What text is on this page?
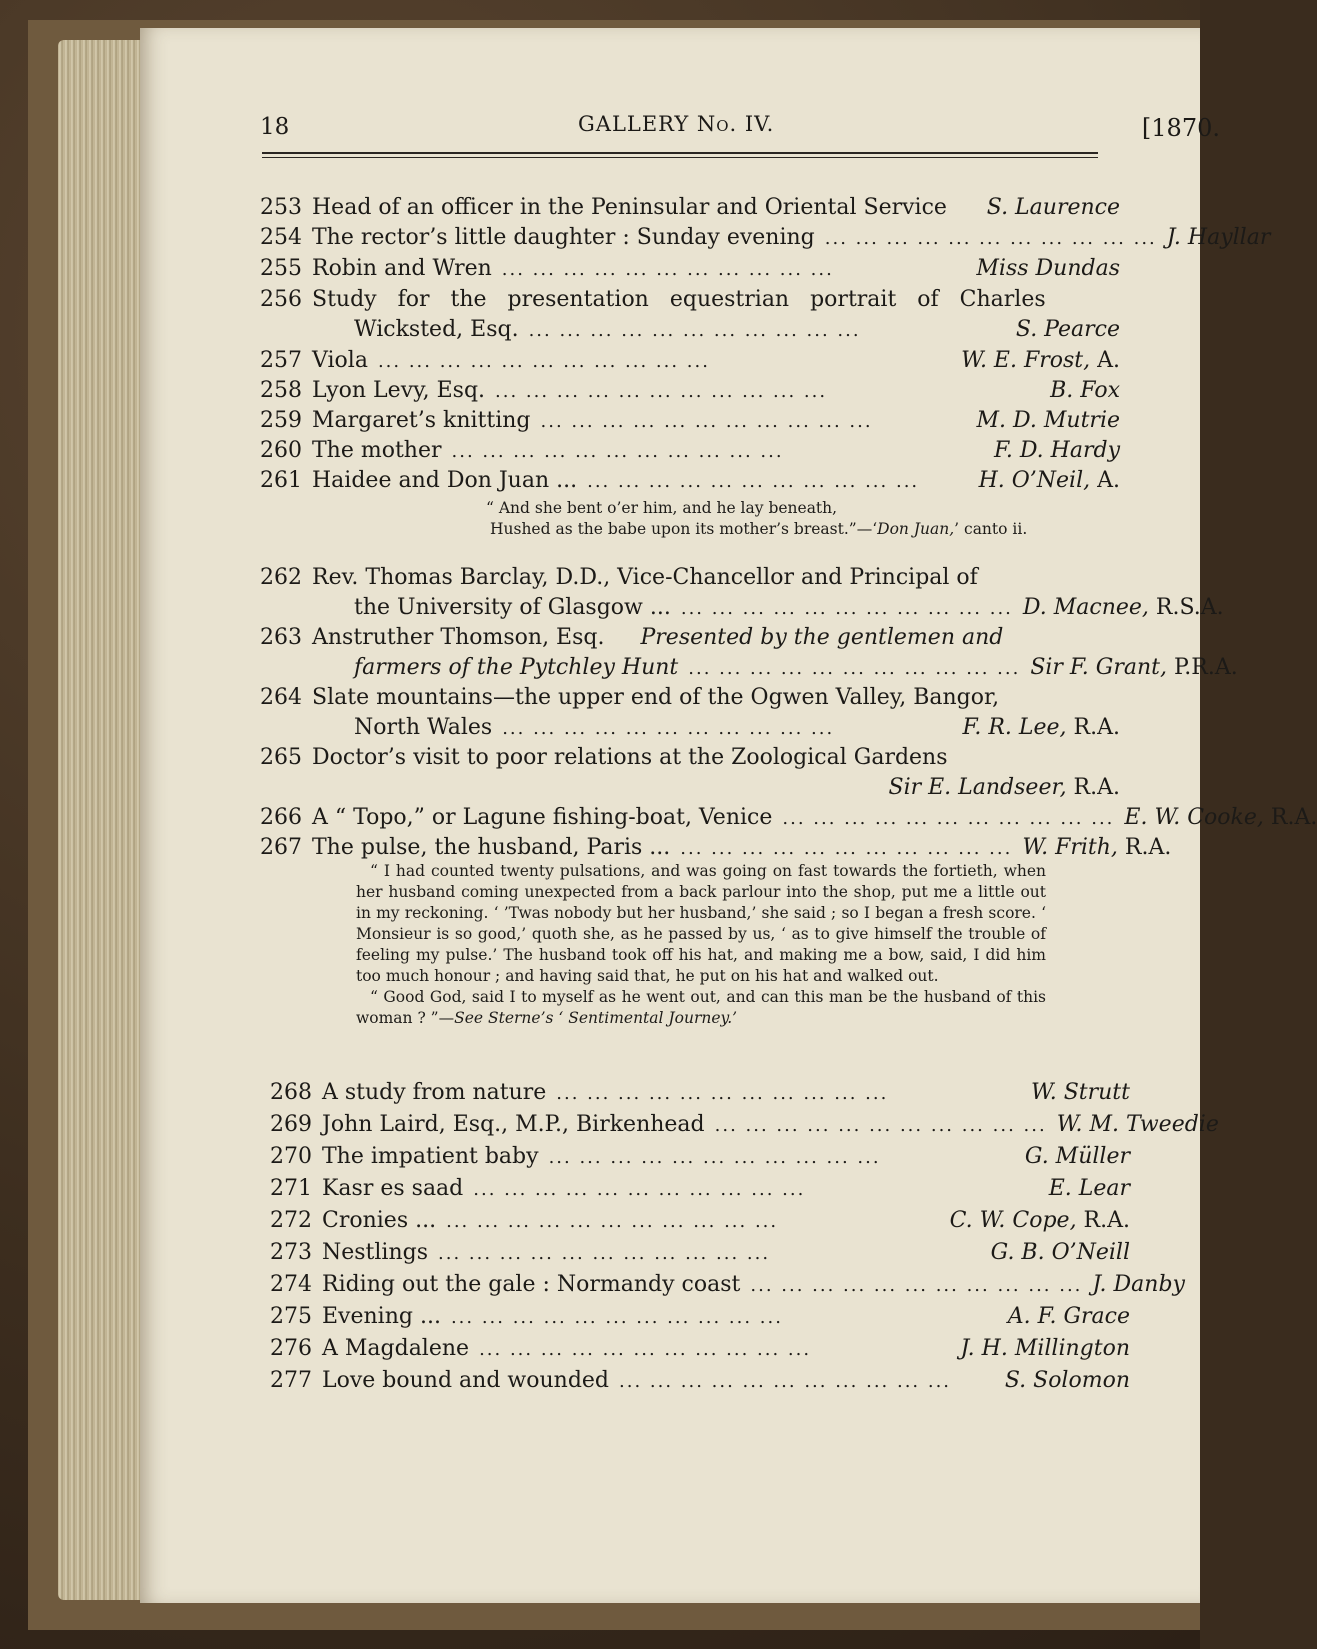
18	GALLERY No. IV.	[1870.
253 Head of an officer in the Peninsular and Oriental Service S. Laurence
254 The rector’s little daughter : Sunday evening ... ... ... ... ... ... ... ... ... ... ... J. Hayllar
255 Robin and Wren ... ... ... ... ... ... ... ... ... ... ...	Miss Dundas
256 Study for the presentation equestrian portrait of Charles
Wicksted, Esq. ... ... ... ... ... ... ... ... ... ... ...	S. Pearce
257 Viola ... ... ... ... ... ... ... ... ... ... ...	W. E. Frost, A.
258 Lyon Levy, Esq. ... ... ... ... ... ... ... ... ... ... ...	B. Fox
259 Margaret’s knitting ... ... ... ... ... ... ... ... ... ... ...	M. D. Mutrie
260 The mother ... ... ... ... ... ... ... ... ... ... ...	F. D. Hardy
261 Haidee and Don Juan ... ... ... ... ... ... ... ... ... ... ... ...	H. O’Neil, A.
“ And she bent o’er him, and he lay beneath,
Hushed as the babe upon its mother’s breast.”—‘Don Juan,’ canto ii.
262 Rev. Thomas Barclay, D.D., Vice-Chancellor and Principal of
the University of Glasgow ... ... ... ... ... ... ... ... ... ... ... ... D. Macnee, R.S.A.
263 Anstruther Thomson, Esq.	Presented by the gentlemen and
farmers of the Pytchley Hunt ... ... ... ... ... ... ... ... ... ... ... Sir F. Grant, P.R.A.
264 Slate mountains—the upper end of the Ogwen Valley, Bangor,
North Wales ... ... ... ... ... ... ... ... ... ... ...	F. R. Lee, R.A.
265 Doctor’s visit to poor relations at the Zoological Gardens
Sir E. Landseer, R.A.
266 A “ Topo,” or Lagune fishing-boat, Venice ... ... ... ... ... ... ... ... ... ... ... E. W. Cooke, R.A.
267 The pulse, the husband, Paris ... ... ... ... ... ... ... ... ... ... ... ... W. Frith, R.A.

“ I had counted twenty pulsations, and was going on fast towards the fortieth, when her husband coming unexpected from a back parlour into the shop, put me a little out in my reckoning. ‘ ’Twas nobody but her husband,’ she said ; so I began a fresh score. ‘ Monsieur is so good,’ quoth she, as he passed by us, ‘ as to give himself the trouble of feeling my pulse.’ The husband took off his hat, and making me a bow, said, I did him too much honour ; and having said that, he put on his hat and walked out.

“ Good God, said I to myself as he went out, and can this man be the husband of this woman ? ”—See Sterne’s ‘ Sentimental Journey.’

268 A study from nature ... ... ... ... ... ... ... ... ... ... ...	W. Strutt
269 John Laird, Esq., M.P., Birkenhead ... ... ... ... ... ... ... ... ... ... ... W. M. Tweedie
270 The impatient baby ... ... ... ... ... ... ... ... ... ... ...	G. Müller
271 Kasr es saad ... ... ... ... ... ... ... ... ... ... ...	E. Lear
272 Cronies ... ... ... ... ... ... ... ... ... ... ... ...	C. W. Cope, R.A.
273 Nestlings ... ... ... ... ... ... ... ... ... ... ...	G. B. O’Neill
274 Riding out the gale : Normandy coast ... ... ... ... ... ... ... ... ... ... ... J. Danby
275 Evening ... ... ... ... ... ... ... ... ... ... ... ...	A. F. Grace
276 A Magdalene ... ... ... ... ... ... ... ... ... ... ...	J. H. Millington
277 Love bound and wounded ... ... ... ... ... ... ... ... ... ... ...	S. Solomon
